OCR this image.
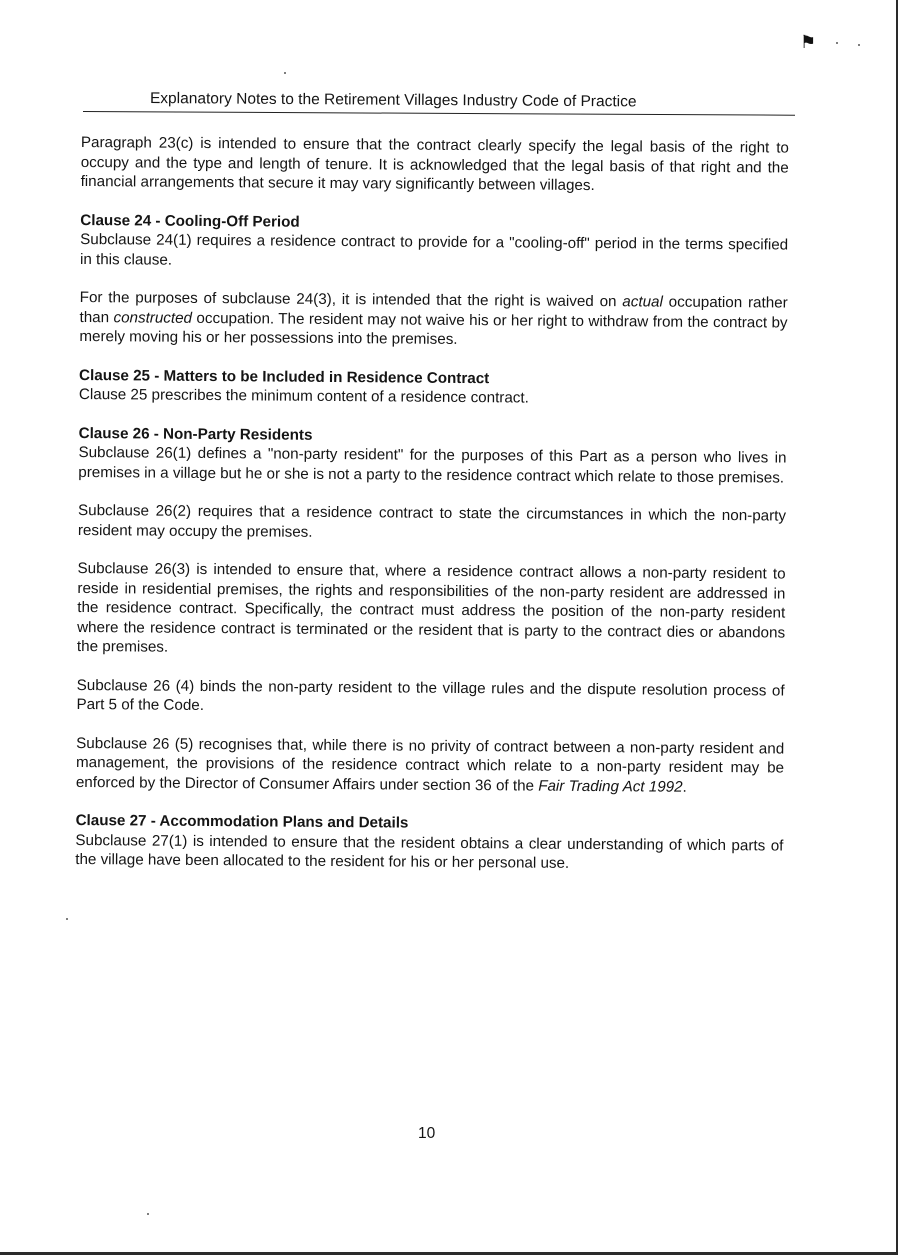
⚑
Explanatory Notes to the Retirement Villages Industry Code of Practice

Paragraph 23(c) is intended to ensure that the contract clearly specify the legal basis of the right to occupy and the type and length of tenure. It is acknowledged that the legal basis of that right and the financial arrangements that secure it may vary significantly between villages.

Clause 24 - Cooling-Off Period

Subclause 24(1) requires a residence contract to provide for a "cooling-off" period in the terms specified in this clause.

For the purposes of subclause 24(3), it is intended that the right is waived on actual occupation rather than constructed occupation. The resident may not waive his or her right to withdraw from the contract by merely moving his or her possessions into the premises.

Clause 25 - Matters to be Included in Residence Contract

Clause 25 prescribes the minimum content of a residence contract.

Clause 26 - Non-Party Residents

Subclause 26(1) defines a "non-party resident" for the purposes of this Part as a person who lives in premises in a village but he or she is not a party to the residence contract which relate to those premises.

Subclause 26(2) requires that a residence contract to state the circumstances in which the non-party resident may occupy the premises.

Subclause 26(3) is intended to ensure that, where a residence contract allows a non-party resident to reside in residential premises, the rights and responsibilities of the non-party resident are addressed in the residence contract. Specifically, the contract must address the position of the non-party resident where the residence contract is terminated or the resident that is party to the contract dies or abandons the premises.

Subclause 26 (4) binds the non-party resident to the village rules and the dispute resolution process of Part 5 of the Code.

Subclause 26 (5) recognises that, while there is no privity of contract between a non-party resident and management, the provisions of the residence contract which relate to a non-party resident may be enforced by the Director of Consumer Affairs under section 36 of the Fair Trading Act 1992.

Clause 27 - Accommodation Plans and Details

Subclause 27(1) is intended to ensure that the resident obtains a clear understanding of which parts of the village have been allocated to the resident for his or her personal use.

10
